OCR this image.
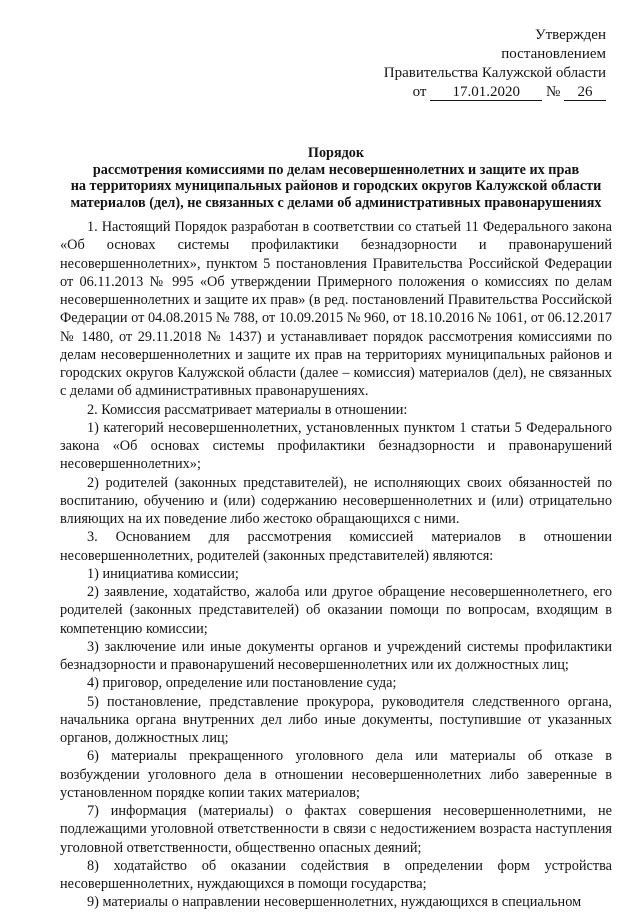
Утвержден
постановлением
Правительства Калужской области
от 17.01.2020 № 26
Порядок
рассмотрения комиссиями по делам несовершеннолетних и защите их прав
на территориях муниципальных районов и городских округов Калужской области
материалов (дел), не связанных с делами об административных правонарушениях

1. Настоящий Порядок разработан в соответствии со статьей 11 Федерального закона «Об основах системы профилактики безнадзорности и правонарушений несовершеннолетних», пунктом 5 постановления Правительства Российской Федерации от 06.11.2013 № 995 «Об утверждении Примерного положения о комиссиях по делам несовершеннолетних и защите их прав» (в ред. постановлений Правительства Российской Федерации от 04.08.2015 № 788, от 10.09.2015 № 960, от 18.10.2016 № 1061, от 06.12.2017 № 1480, от 29.11.2018 № 1437) и устанавливает порядок рассмотрения комиссиями по делам несовершеннолетних и защите их прав на территориях муниципальных районов и городских округов Калужской области (далее – комиссия) материалов (дел), не связанных с делами об административных правонарушениях.

2. Комиссия рассматривает материалы в отношении:

1) категорий несовершеннолетних, установленных пунктом 1 статьи 5 Федерального закона «Об основах системы профилактики безнадзорности и правонарушений несовершеннолетних»;

2) родителей (законных представителей), не исполняющих своих обязанностей по воспитанию, обучению и (или) содержанию несовершеннолетних и (или) отрицательно влияющих на их поведение либо жестоко обращающихся с ними.

3. Основанием для рассмотрения комиссией материалов в отношении несовершеннолетних, родителей (законных представителей) являются:

1) инициатива комиссии;

2) заявление, ходатайство, жалоба или другое обращение несовершеннолетнего, его родителей (законных представителей) об оказании помощи по вопросам, входящим в компетенцию комиссии;

3) заключение или иные документы органов и учреждений системы профилактики безнадзорности и правонарушений несовершеннолетних или их должностных лиц;

4) приговор, определение или постановление суда;

5) постановление, представление прокурора, руководителя следственного органа, начальника органа внутренних дел либо иные документы, поступившие от указанных органов, должностных лиц;

6) материалы прекращенного уголовного дела или материалы об отказе в возбуждении уголовного дела в отношении несовершеннолетних либо заверенные в установленном порядке копии таких материалов;

7) информация (материалы) о фактах совершения несовершеннолетними, не подлежащими уголовной ответственности в связи с недостижением возраста наступления уголовной ответственности, общественно опасных деяний;

8) ходатайство об оказании содействия в определении форм устройства несовершеннолетних, нуждающихся в помощи государства;

9) материалы о направлении несовершеннолетних, нуждающихся в специальном
